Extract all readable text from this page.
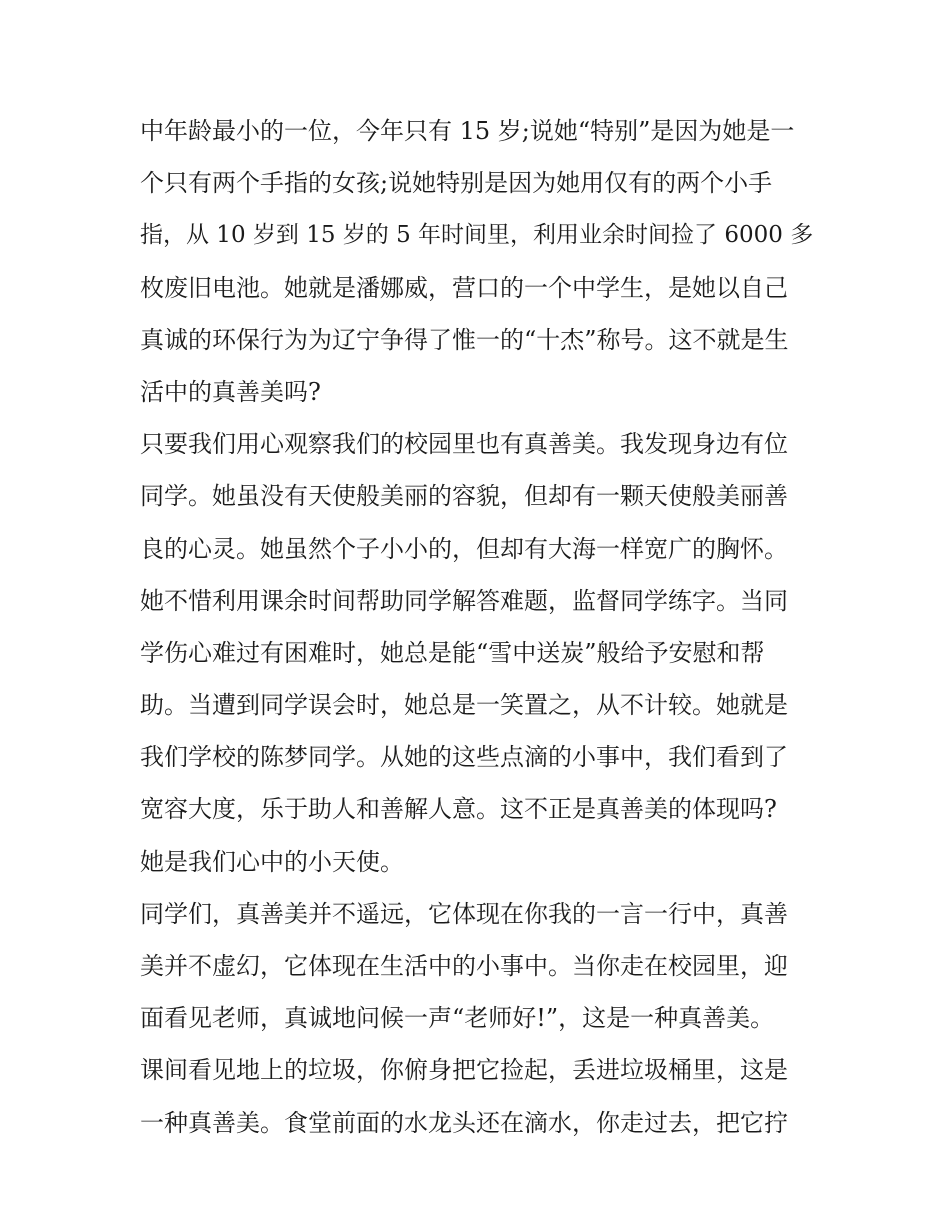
中年龄最小的一位，今年只有 15 岁;说她“特别”是因为她是一
个只有两个手指的女孩;说她特别是因为她用仅有的两个小手
指，从 10 岁到 15 岁的 5 年时间里，利用业余时间捡了 6000 多
枚废旧电池。她就是潘娜威，营口的一个中学生，是她以自己
真诚的环保行为为辽宁争得了惟一的“十杰”称号。这不就是生
活中的真善美吗?
只要我们用心观察我们的校园里也有真善美。我发现身边有位
同学。她虽没有天使般美丽的容貌，但却有一颗天使般美丽善
良的心灵。她虽然个子小小的，但却有大海一样宽广的胸怀。
她不惜利用课余时间帮助同学解答难题，监督同学练字。当同
学伤心难过有困难时，她总是能“雪中送炭”般给予安慰和帮
助。当遭到同学误会时，她总是一笑置之，从不计较。她就是
我们学校的陈梦同学。从她的这些点滴的小事中，我们看到了
宽容大度，乐于助人和善解人意。这不正是真善美的体现吗?
她是我们心中的小天使。
同学们，真善美并不遥远，它体现在你我的一言一行中，真善
美并不虚幻，它体现在生活中的小事中。当你走在校园里，迎
面看见老师，真诚地问候一声“老师好!”，这是一种真善美。
课间看见地上的垃圾，你俯身把它捡起，丢进垃圾桶里，这是
一种真善美。食堂前面的水龙头还在滴水，你走过去，把它拧
